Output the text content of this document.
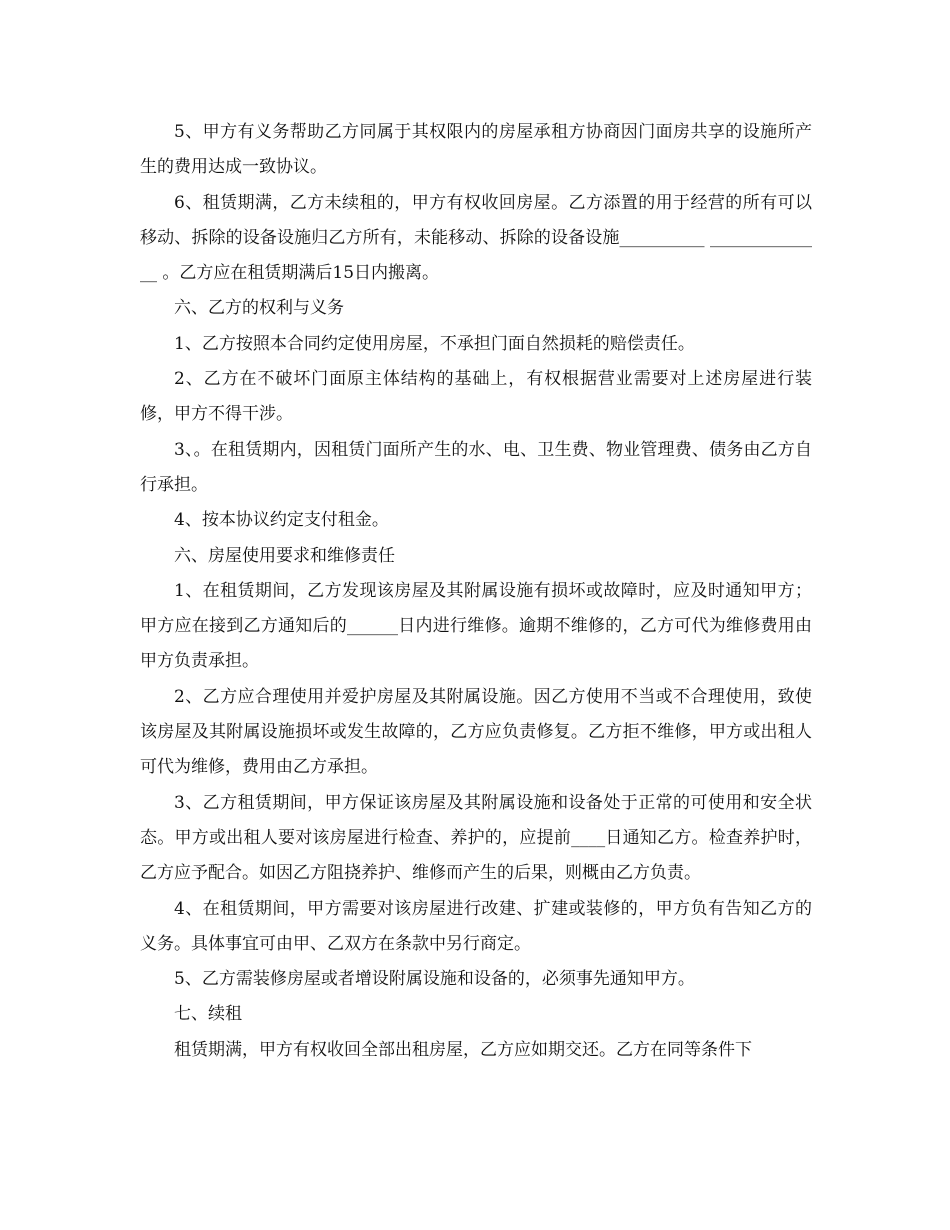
5、甲方有义务帮助乙方同属于其权限内的房屋承租方协商因门面房共享的设施所产生的费用达成一致协议。

6、租赁期满，乙方未续租的，甲方有权收回房屋。乙方添置的用于经营的所有可以移动、拆除的设备设施归乙方所有，未能移动、拆除的设备设施__________ ______________ 。乙方应在租赁期满后15日内搬离。

六、乙方的权利与义务

1、乙方按照本合同约定使用房屋，不承担门面自然损耗的赔偿责任。

2、乙方在不破坏门面原主体结构的基础上，有权根据营业需要对上述房屋进行装修，甲方不得干涉。

3、。在租赁期内，因租赁门面所产生的水、电、卫生费、物业管理费、债务由乙方自行承担。

4、按本协议约定支付租金。

六、房屋使用要求和维修责任

1、在租赁期间，乙方发现该房屋及其附属设施有损坏或故障时，应及时通知甲方；甲方应在接到乙方通知后的______日内进行维修。逾期不维修的，乙方可代为维修费用由甲方负责承担。

2、乙方应合理使用并爱护房屋及其附属设施。因乙方使用不当或不合理使用，致使该房屋及其附属设施损坏或发生故障的，乙方应负责修复。乙方拒不维修，甲方或出租人可代为维修，费用由乙方承担。

3、乙方租赁期间，甲方保证该房屋及其附属设施和设备处于正常的可使用和安全状态。甲方或出租人要对该房屋进行检查、养护的，应提前____日通知乙方。检查养护时，乙方应予配合。如因乙方阻挠养护、维修而产生的后果，则概由乙方负责。

4、在租赁期间，甲方需要对该房屋进行改建、扩建或装修的，甲方负有告知乙方的义务。具体事宜可由甲、乙双方在条款中另行商定。

5、乙方需装修房屋或者增设附属设施和设备的，必须事先通知甲方。

七、续租

租赁期满，甲方有权收回全部出租房屋，乙方应如期交还。乙方在同等条件下
